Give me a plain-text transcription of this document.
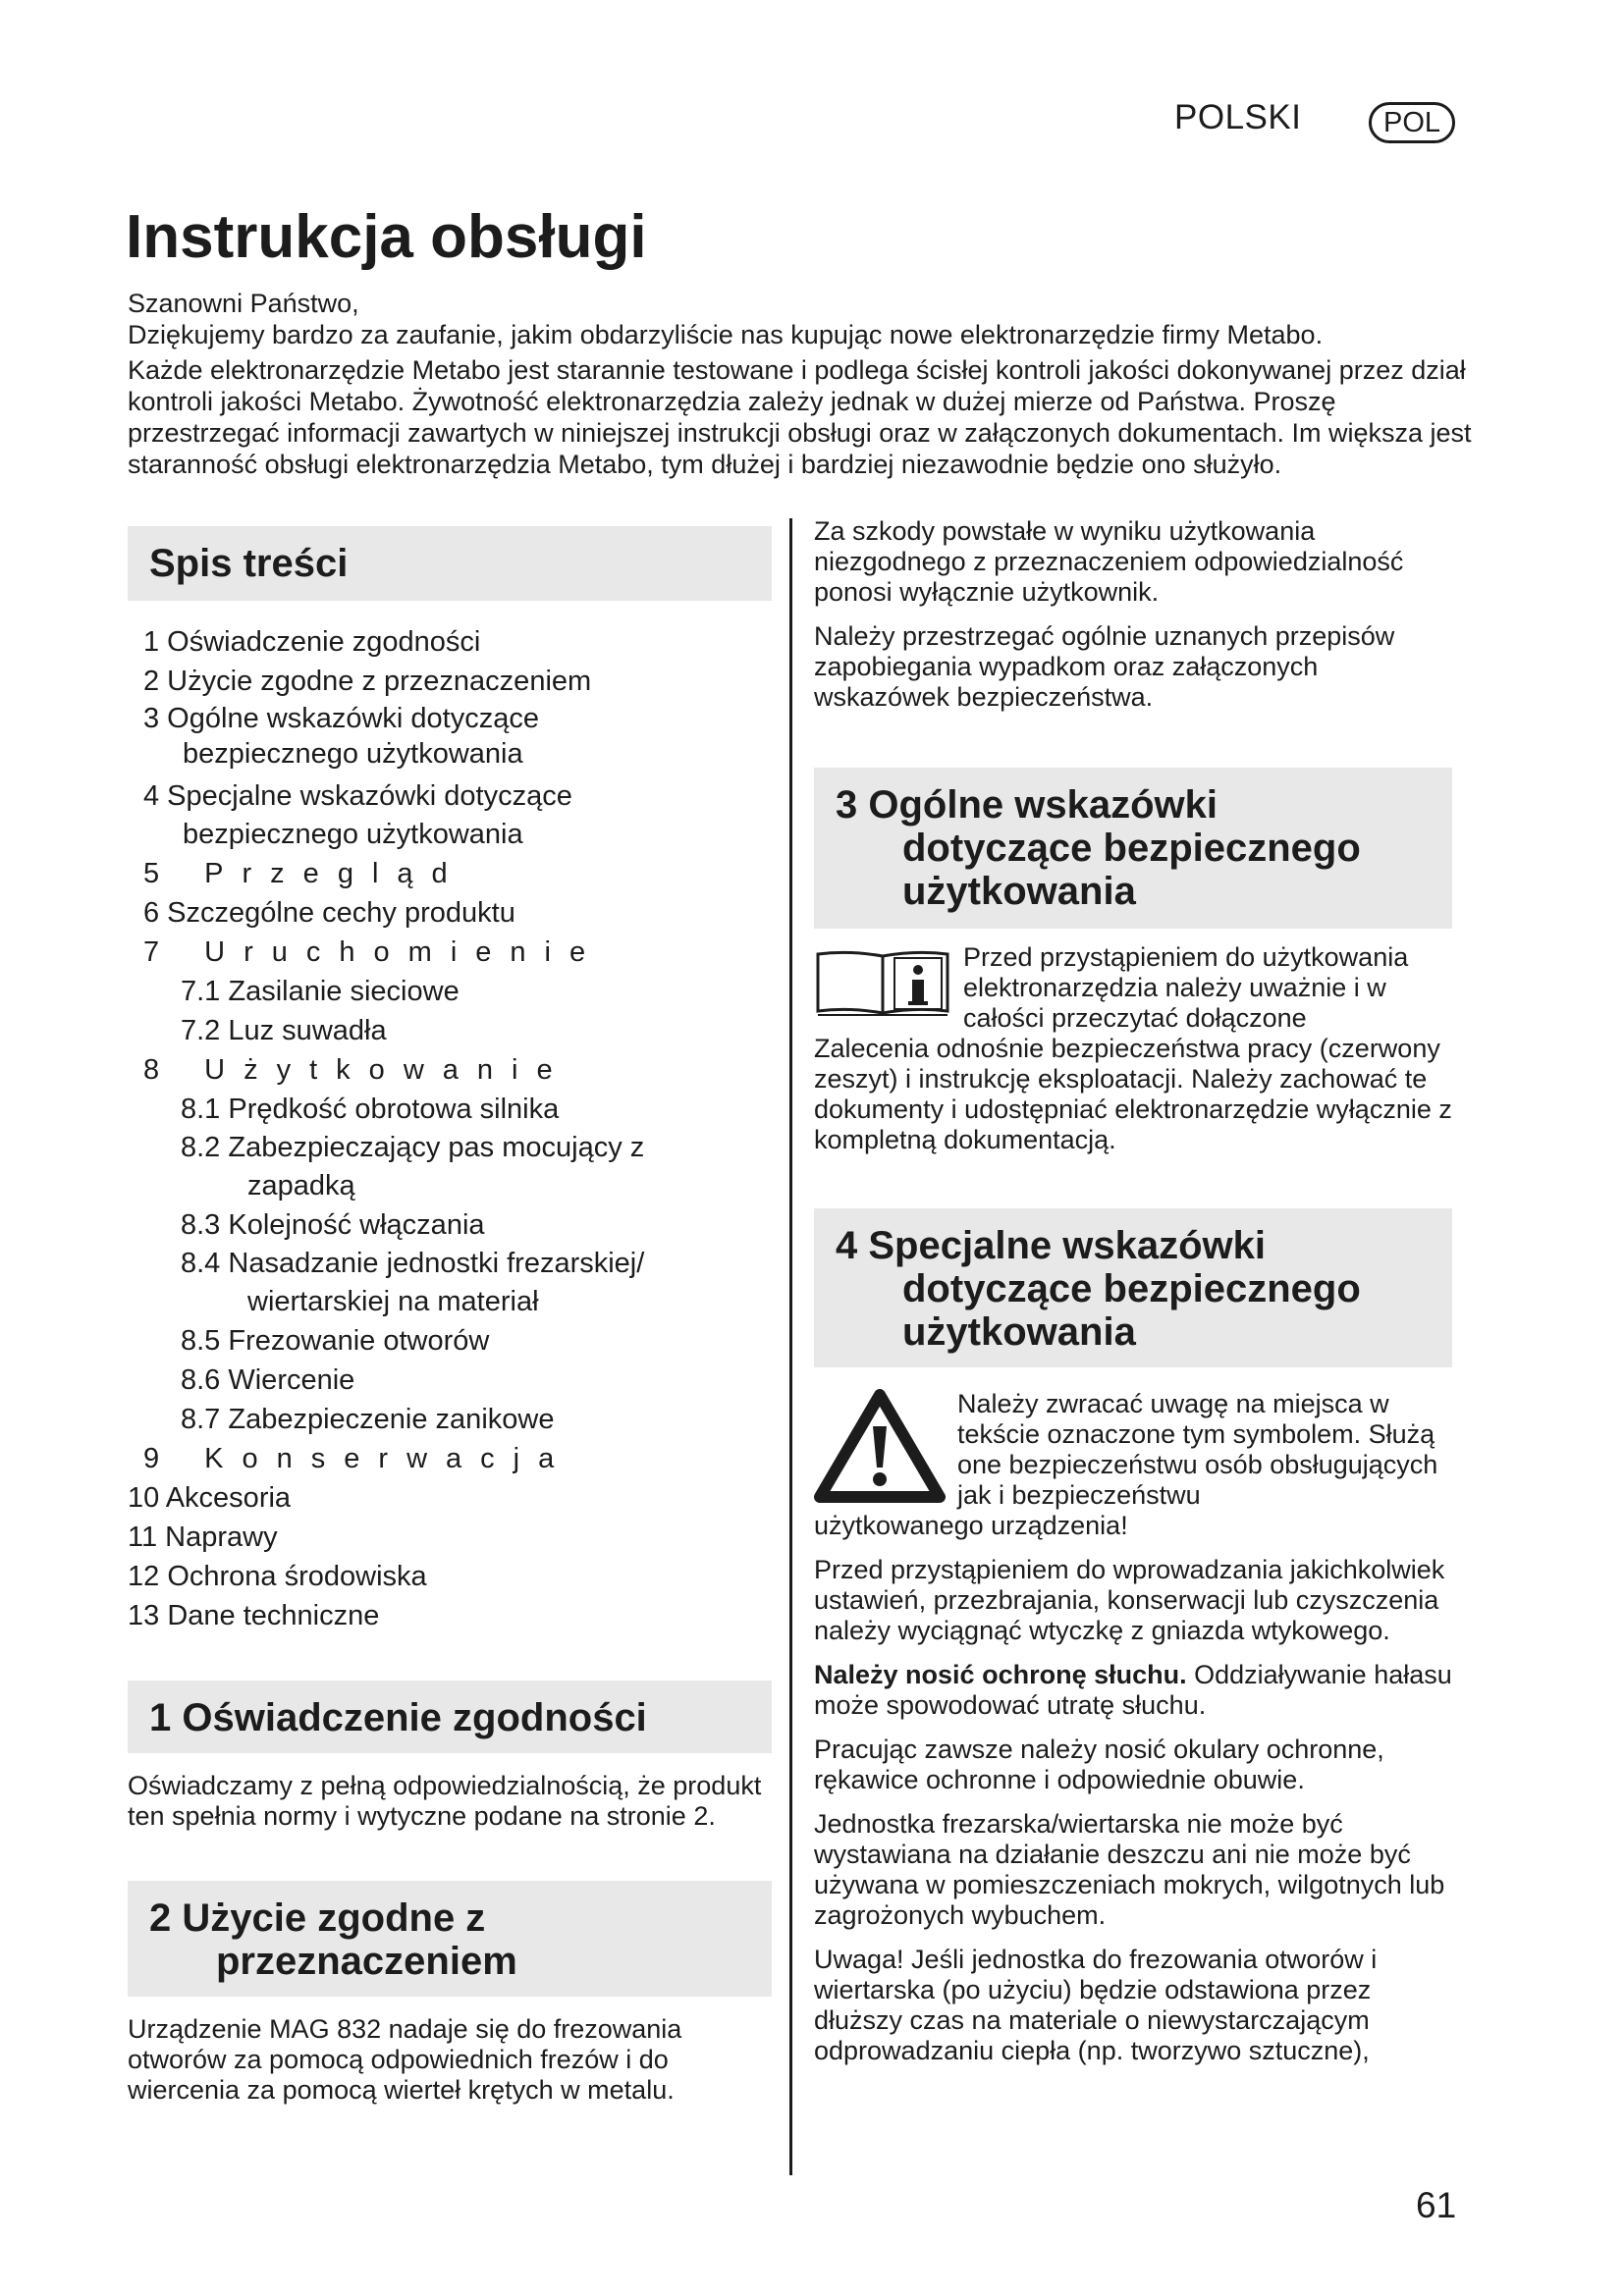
POLSKI	POL
Instrukcja obsługi

Szanowni Państwo,

Dziękujemy bardzo za zaufanie, jakim obdarzyliście nas kupując nowe elektronarzędzie firmy Metabo.

Każde elektronarzędzie Metabo jest starannie testowane i podlega ścisłej kontroli jakości dokonywanej przez dział kontroli jakości Metabo. Żywotność elektronarzędzia zależy jednak w dużej mierze od Państwa. Proszę przestrzegać informacji zawartych w niniejszej instrukcji obsługi oraz w załączonych dokumentach. Im większa jest staranność obsługi elektronarzędzia Metabo, tym dłużej i bardziej niezawodnie będzie ono służyło.

Spis treści
1 Oświadczenie zgodności
2 Użycie zgodne z przeznaczeniem
3 Ogólne wskazówki dotyczące
bezpiecznego użytkowania
4 Specjalne wskazówki dotyczące
bezpiecznego użytkowania
5 Przegląd
6 Szczególne cechy produktu
7 Uruchomienie
7.1 Zasilanie sieciowe
7.2 Luz suwadła
8 Użytkowanie
8.1 Prędkość obrotowa silnika
8.2 Zabezpieczający pas mocujący z
zapadką
8.3 Kolejność włączania
8.4 Nasadzanie jednostki frezarskiej/
wiertarskiej na materiał
8.5 Frezowanie otworów
8.6 Wiercenie
8.7 Zabezpieczenie zanikowe
9 Konserwacja
10 Akcesoria
11 Naprawy
12 Ochrona środowiska
13 Dane techniczne
1 Oświadczenie zgodności

Oświadczamy z pełną odpowiedzialnością, że produkt ten spełnia normy i wytyczne podane na stronie 2.

2 Użycie zgodne z
przeznaczeniem

Urządzenie MAG 832 nadaje się do frezowania otworów za pomocą odpowiednich frezów i do wiercenia za pomocą wierteł krętych w metalu.

Za szkody powstałe w wyniku użytkowania niezgodnego z przeznaczeniem odpowiedzialność ponosi wyłącznie użytkownik.

Należy przestrzegać ogólnie uznanych przepisów zapobiegania wypadkom oraz załączonych wskazówek bezpieczeństwa.

3 Ogólne wskazówki
dotyczące bezpiecznego
użytkowania

Przed przystąpieniem do użytkowania elektronarzędzia należy uważnie i w całości przeczytać dołączone

Zalecenia odnośnie bezpieczeństwa pracy (czerwony zeszyt) i instrukcję eksploatacji. Należy zachować te dokumenty i udostępniać elektronarzędzie wyłącznie z kompletną dokumentacją.

4 Specjalne wskazówki
dotyczące bezpiecznego
użytkowania

Należy zwracać uwagę na miejsca w tekście oznaczone tym symbolem. Służą one bezpieczeństwu osób obsługujących jak i bezpieczeństwu

użytkowanego urządzenia!

Przed przystąpieniem do wprowadzania jakichkolwiek ustawień, przezbrajania, konserwacji lub czyszczenia należy wyciągnąć wtyczkę z gniazda wtykowego.

Należy nosić ochronę słuchu. Oddziaływanie hałasu może spowodować utratę słuchu.

Pracując zawsze należy nosić okulary ochronne, rękawice ochronne i odpowiednie obuwie.

Jednostka frezarska/wiertarska nie może być wystawiana na działanie deszczu ani nie może być używana w pomieszczeniach mokrych, wilgotnych lub zagrożonych wybuchem.

Uwaga! Jeśli jednostka do frezowania otworów i wiertarska (po użyciu) będzie odstawiona przez dłuższy czas na materiale o niewystarczającym odprowadzaniu ciepła (np. tworzywo sztuczne),

61
